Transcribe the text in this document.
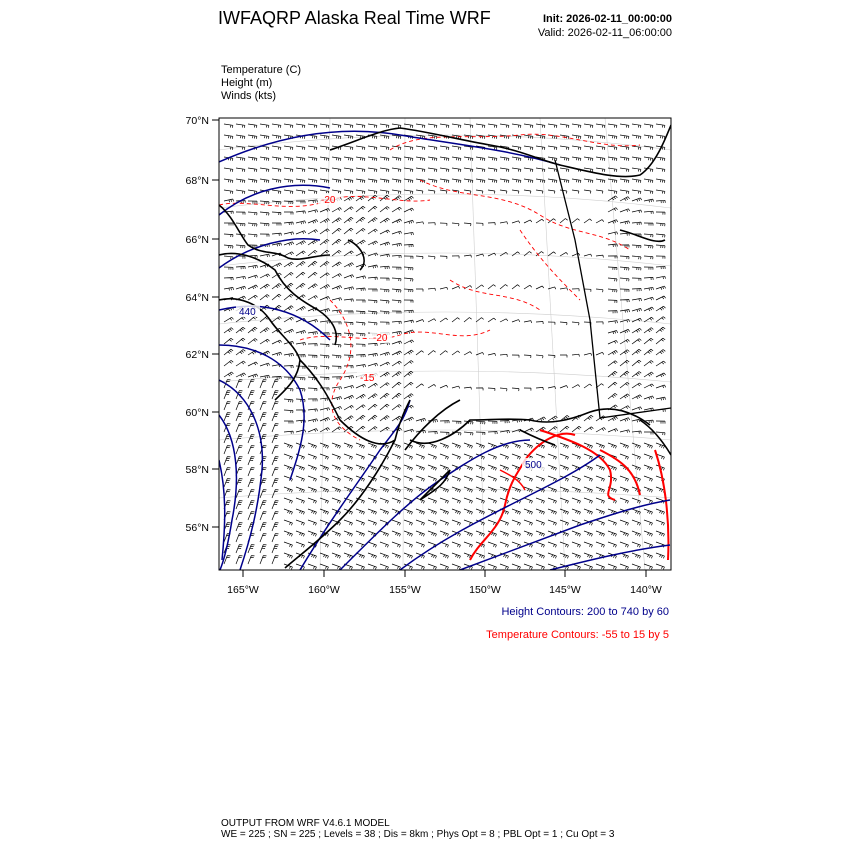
IWFAQRP Alaska Real Time WRF	Init: 2026-02-11_00:00:00
Valid: 2026-02-11_06:00:00
Temperature (C)
Height (m)
Winds (kts)
70°N
68°N
66°N
64°N
62°N
60°N
58°N
56°N
165°W	160°W	155°W	150°W	145°W	140°W
-20
-20
-15
440
500
Height Contours: 200 to 740 by 60
Temperature Contours: -55 to 15 by 5
OUTPUT FROM WRF V4.6.1 MODEL
WE = 225 ; SN = 225 ; Levels = 38 ; Dis = 8km ; Phys Opt = 8 ; PBL Opt = 1 ; Cu Opt = 3
